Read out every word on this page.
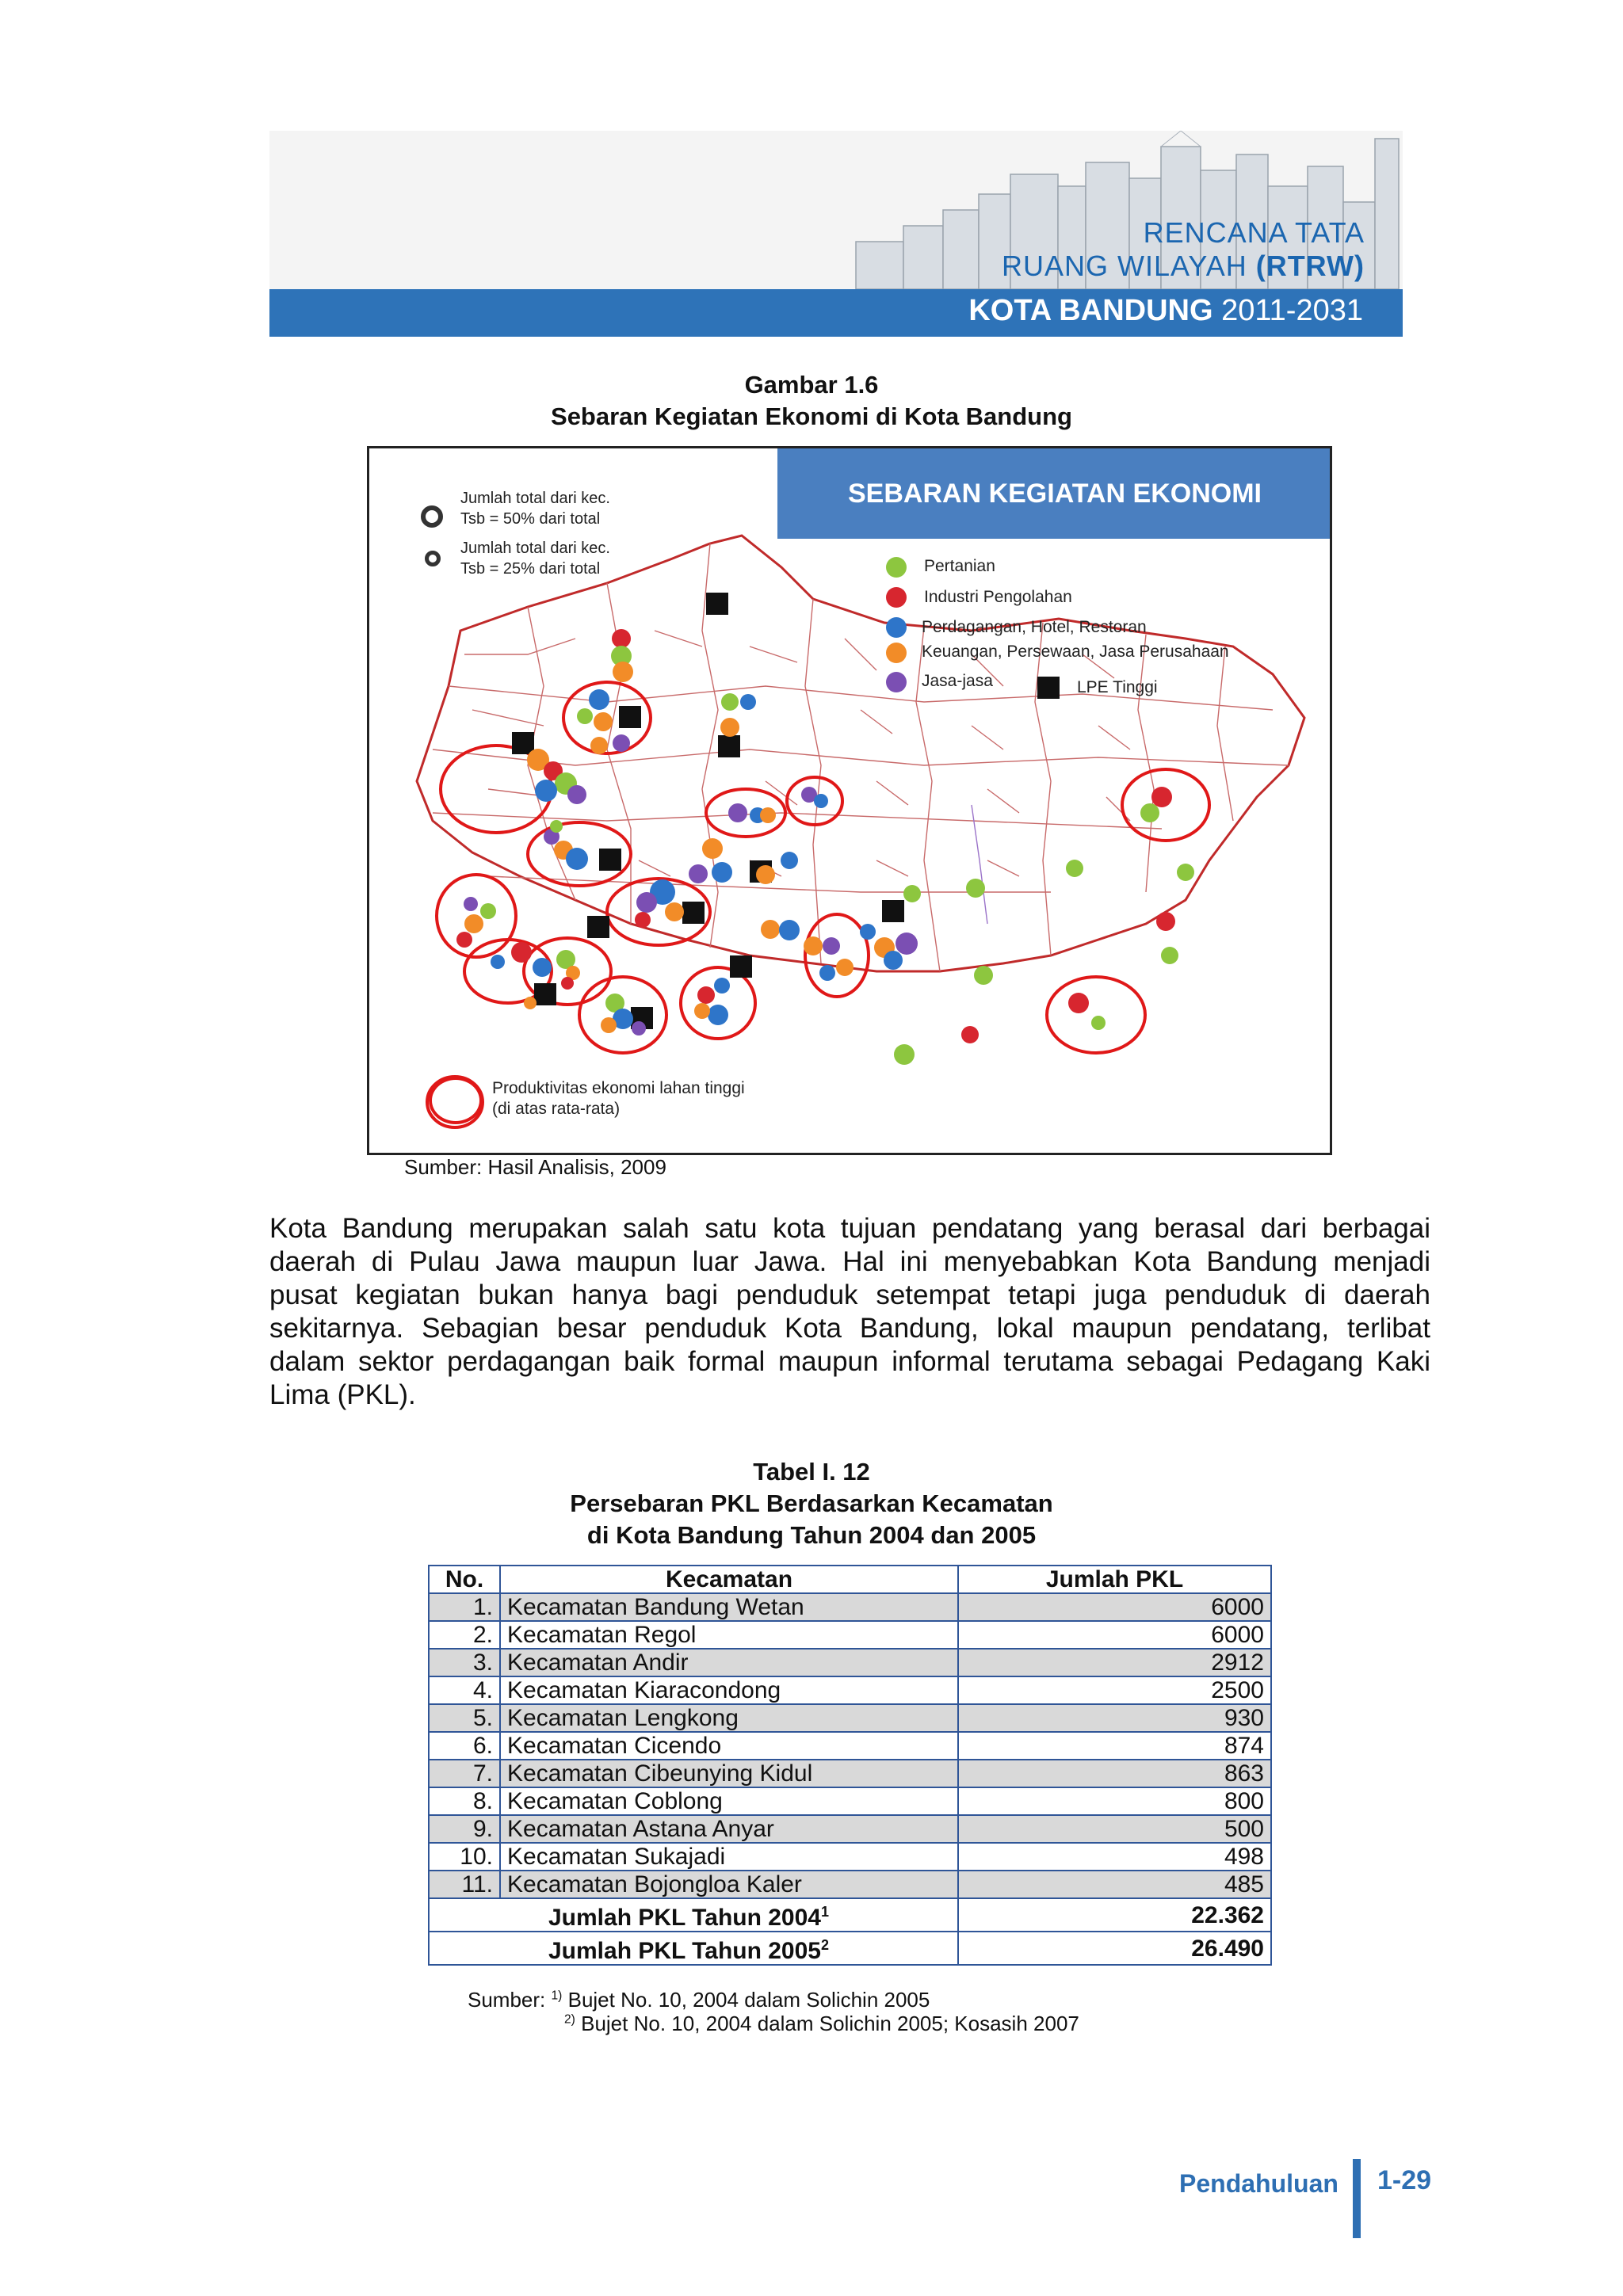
RENCANA TATA
RUANG WILAYAH (RTRW)
KOTA BANDUNG 2011-2031
Gambar 1.6
Sebaran Kegiatan Ekonomi di Kota Bandung
SEBARAN KEGIATAN EKONOMI
Jumlah total dari kec.
Tsb = 50% dari total
Jumlah total dari kec.
Tsb = 25% dari total	Pertanian
Industri Pengolahan
Perdagangan, Hotel, Restoran
Keuangan, Persewaan, Jasa Perusahaan
Jasa-jasa	LPE Tinggi
Produktivitas ekonomi lahan tinggi
(di atas rata-rata)
Sumber: Hasil Analisis, 2009
Kota Bandung merupakan salah satu kota tujuan pendatang yang berasal dari berbagai
daerah di Pulau Jawa maupun luar Jawa. Hal ini menyebabkan Kota Bandung menjadi
pusat kegiatan bukan hanya bagi penduduk setempat tetapi juga penduduk di daerah
sekitarnya. Sebagian besar penduduk Kota Bandung, lokal maupun pendatang, terlibat
dalam sektor perdagangan baik formal maupun informal terutama sebagai Pedagang Kaki
Lima (PKL).
Tabel I. 12
Persebaran PKL Berdasarkan Kecamatan
di Kota Bandung Tahun 2004 dan 2005
No.	Kecamatan	Jumlah PKL
1.	Kecamatan Bandung Wetan	6000
2.	Kecamatan Regol	6000
3.	Kecamatan Andir	2912
4.	Kecamatan Kiaracondong	2500
5.	Kecamatan Lengkong	930
6.	Kecamatan Cicendo	874
7.	Kecamatan Cibeunying Kidul	863
8.	Kecamatan Coblong	800
9.	Kecamatan Astana Anyar	500
10.	Kecamatan Sukajadi	498
11.	Kecamatan Bojongloa Kaler	485
Jumlah PKL Tahun 2004$^1$		22.362
Jumlah PKL Tahun 2005$^2$		26.490
Sumber: $^{1)}$ Bujet No. 10, 2004 dalam Solichin 2005
$^{2)}$ Bujet No. 10, 2004 dalam Solichin 2005; Kosasih 2007
Pendahuluan 1-29
